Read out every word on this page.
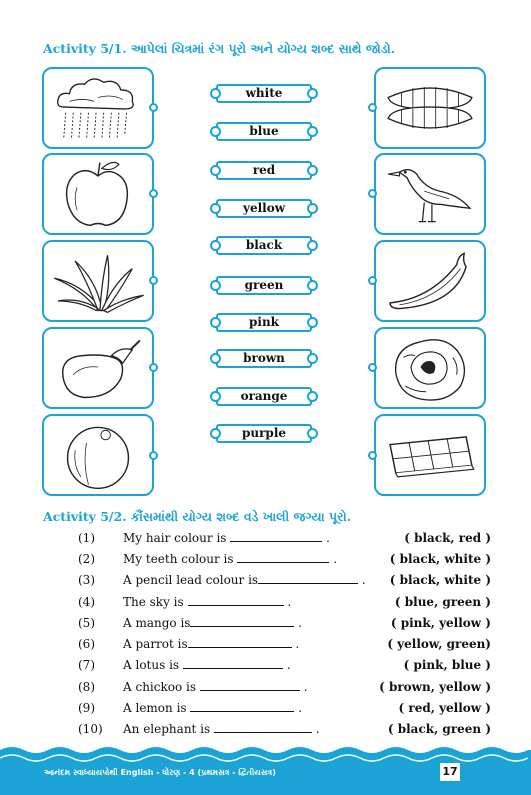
Activity 5/1. આપેલાં ચિત્રમાં રંગ પૂરો અને યોગ્ય શબ્દ સાથે જોડો.
white
blue
red
yellow
black
green
pink
brown
orange
purple
Activity 5/2. કૌંસમાંથી યોગ્ય શબ્દ વડે ખાલી જગ્યા પૂરો.
(1) My hair colour is	.	( black, red )
(2) My teeth colour is	.	( black, white )
(3) A pencil lead colour is	. ( black, white )
(4) The sky is	.	( blue, green )
(5) A mango is	.	( pink, yellow )
(6) A parrot is	.	( yellow, green)
(7) A lotus is	.	( pink, blue )
(8) A chickoo is	.	( brown, yellow )
(9) A lemon is	.	( red, yellow )
(10) An elephant is	.	( black, green )
આનંદમ સ્વાધ્યાયપોથી English - ધોરણ - 4 (પ્રથમસત્ર - દ્વિતીયસત્ર)	17
